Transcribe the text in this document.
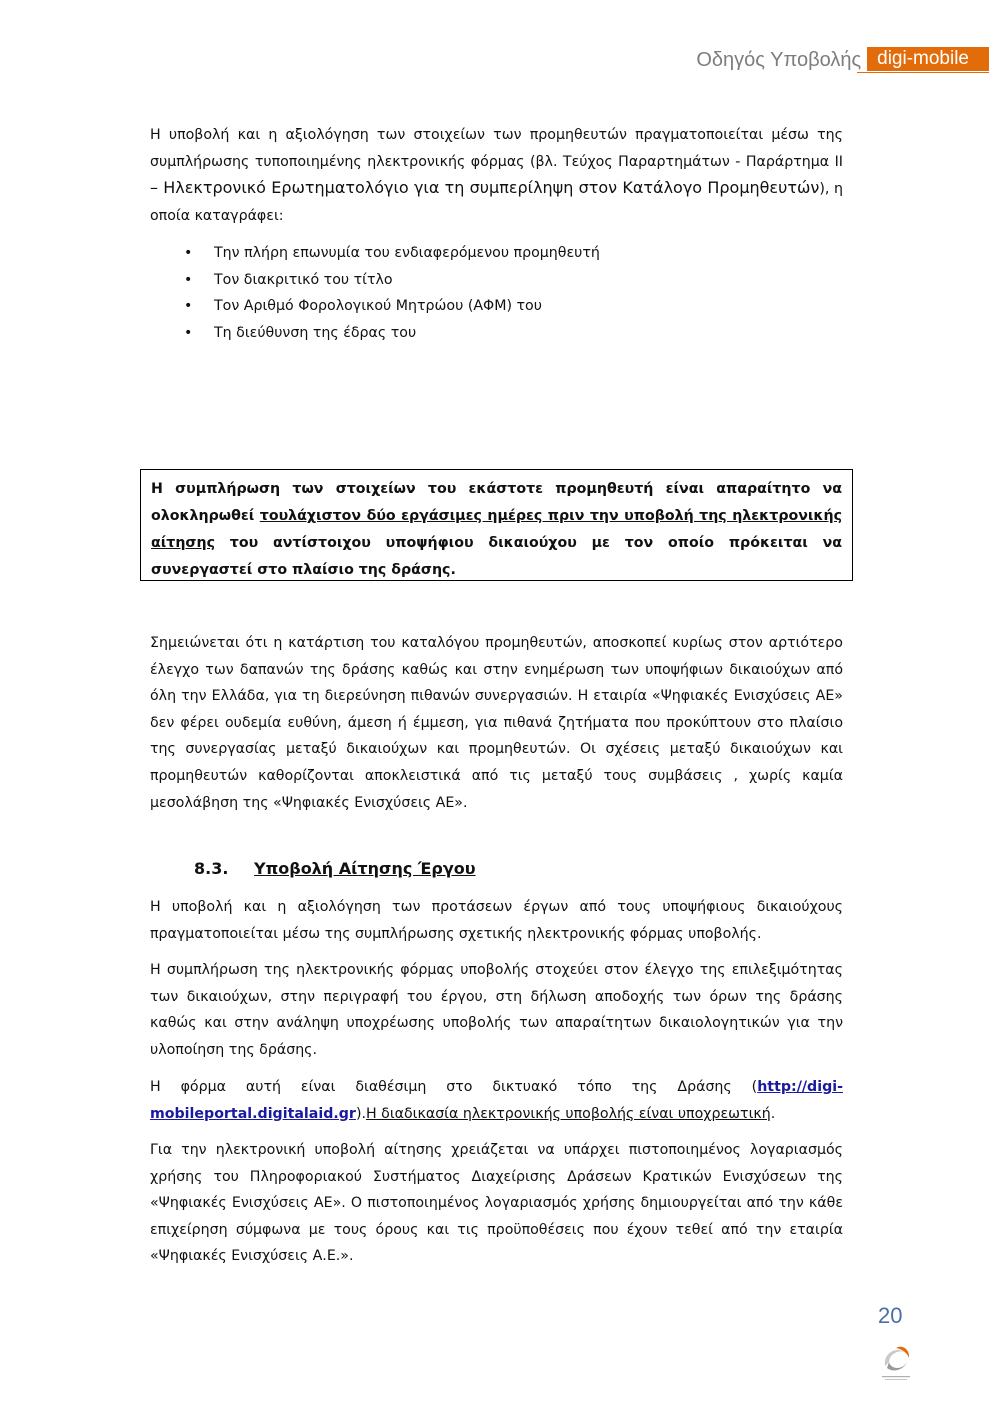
Οδηγός Υποβολής digi-mobile

Η υποβολή και η αξιολόγηση των στοιχείων των προμηθευτών πραγματοποιείται μέσω της συμπλήρωσης τυποποιημένης ηλεκτρονικής φόρμας (βλ. Τεύχος Παραρτημάτων - Παράρτημα ΙΙ – Ηλεκτρονικό Ερωτηματολόγιο για τη συμπερίληψη στον Κατάλογο Προμηθευτών), η οποία καταγράφει:

• Την πλήρη επωνυμία του ενδιαφερόμενου προμηθευτή
• Τον διακριτικό του τίτλο
• Τον Αριθμό Φορολογικού Μητρώου (ΑΦΜ) του
• Τη διεύθυνση της έδρας του
Η συμπλήρωση των στοιχείων του εκάστοτε προμηθευτή είναι απαραίτητο να ολοκληρωθεί τουλάχιστον δύο εργάσιμες ημέρες πριν την υποβολή της ηλεκτρονικής αίτησης του αντίστοιχου υποψήφιου δικαιούχου με τον οποίο πρόκειται να συνεργαστεί στο πλαίσιο της δράσης.

Σημειώνεται ότι η κατάρτιση του καταλόγου προμηθευτών, αποσκοπεί κυρίως στον αρτιότερο έλεγχο των δαπανών της δράσης καθώς και στην ενημέρωση των υποψήφιων δικαιούχων από όλη την Ελλάδα, για τη διερεύνηση πιθανών συνεργασιών. Η εταιρία «Ψηφιακές Ενισχύσεις ΑΕ» δεν φέρει ουδεμία ευθύνη, άμεση ή έμμεση, για πιθανά ζητήματα που προκύπτουν στο πλαίσιο της συνεργασίας μεταξύ δικαιούχων και προμηθευτών. Οι σχέσεις μεταξύ δικαιούχων και προμηθευτών καθορίζονται αποκλειστικά από τις μεταξύ τους συμβάσεις , χωρίς καμία μεσολάβηση της «Ψηφιακές Ενισχύσεις ΑΕ».

8.3. Υποβολή Αίτησης Έργου

Η υποβολή και η αξιολόγηση των προτάσεων έργων από τους υποψήφιους δικαιούχους πραγματοποιείται μέσω της συμπλήρωσης σχετικής ηλεκτρονικής φόρμας υποβολής.

Η συμπλήρωση της ηλεκτρονικής φόρμας υποβολής στοχεύει στον έλεγχο της επιλεξιμότητας των δικαιούχων, στην περιγραφή του έργου, στη δήλωση αποδοχής των όρων της δράσης καθώς και στην ανάληψη υποχρέωσης υποβολής των απαραίτητων δικαιολογητικών για την υλοποίηση της δράσης.

Η φόρμα αυτή είναι διαθέσιμη στο δικτυακό τόπο της Δράσης (http://digi-mobileportal.digitalaid.gr).Η διαδικασία ηλεκτρονικής υποβολής είναι υποχρεωτική.

Για την ηλεκτρονική υποβολή αίτησης χρειάζεται να υπάρχει πιστοποιημένος λογαριασμός χρήσης του Πληροφοριακού Συστήματος Διαχείρισης Δράσεων Κρατικών Ενισχύσεων της «Ψηφιακές Ενισχύσεις ΑΕ». Ο πιστοποιημένος λογαριασμός χρήσης δημιουργείται από την κάθε επιχείρηση σύμφωνα με τους όρους και τις προϋποθέσεις που έχουν τεθεί από την εταιρία «Ψηφιακές Ενισχύσεις Α.Ε.».

20
